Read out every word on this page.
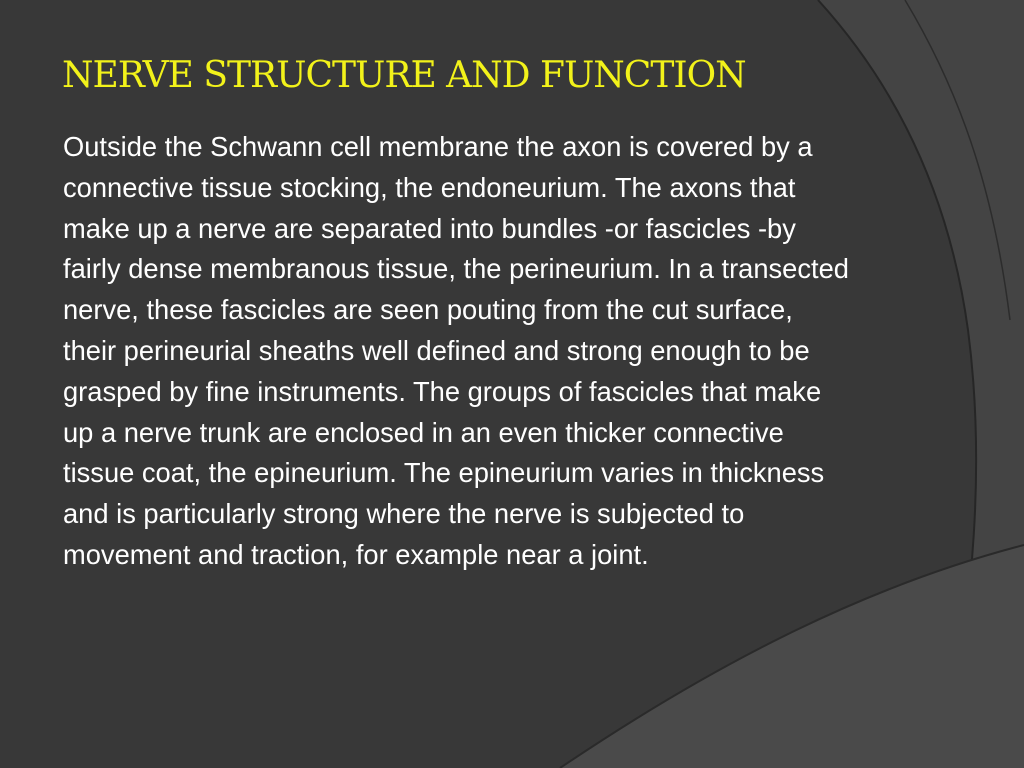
NERVE STRUCTURE AND FUNCTION

Outside the Schwann cell membrane the axon is covered by a connective tissue stocking, the endoneurium. The axons that make up a nerve are separated into bundles -or fascicles -by fairly dense membranous tissue, the perineurium. In a transected nerve, these fascicles are seen pouting from the cut surface, their perineurial sheaths well defined and strong enough to be grasped by fine instruments. The groups of fascicles that make up a nerve trunk are enclosed in an even thicker connective tissue coat, the epineurium. The epineurium varies in thickness and is particularly strong where the nerve is subjected to movement and traction, for example near a joint.
